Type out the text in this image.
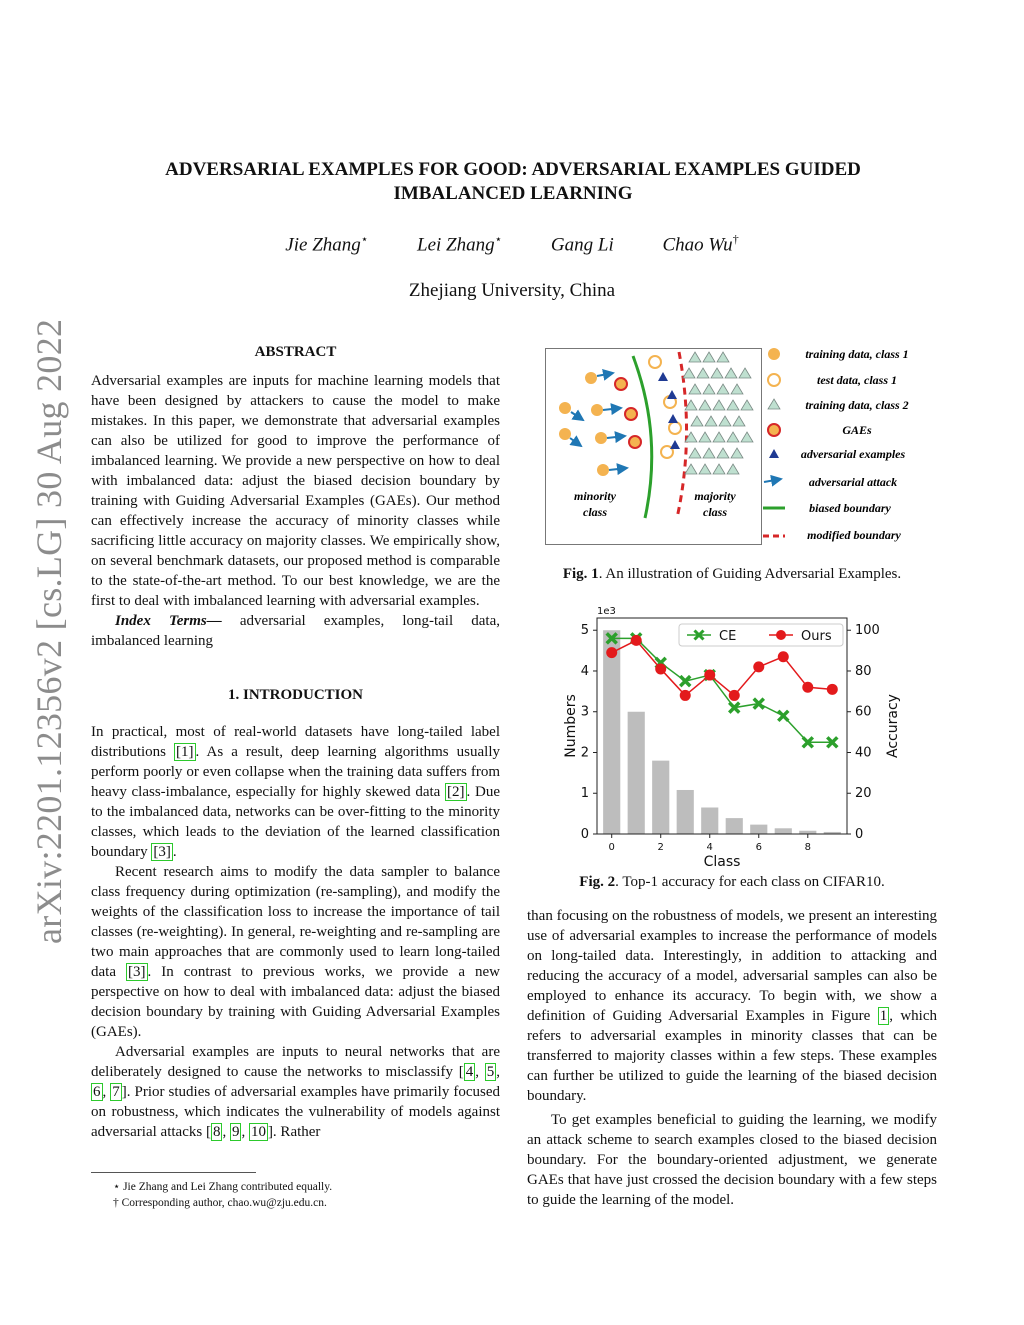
arXiv:2201.12356v2 [cs.LG] 30 Aug 2022
ADVERSARIAL EXAMPLES FOR GOOD: ADVERSARIAL EXAMPLES GUIDED
IMBALANCED LEARNING
Jie Zhang⋆	Lei Zhang⋆	Gang Li	Chao Wu†
Zhejiang University, China
ABSTRACT

Adversarial examples are inputs for machine learning models that have been designed by attackers to cause the model to make mistakes. In this paper, we demonstrate that adversarial examples can also be utilized for good to improve the performance of imbalanced learning. We provide a new perspective on how to deal with imbalanced data: adjust the biased decision boundary by training with Guiding Adversarial Examples (GAEs). Our method can effectively increase the accuracy of minority classes while sacrificing little accuracy on majority classes. We empirically show, on several benchmark datasets, our proposed method is comparable to the state-of-the-art method. To our best knowledge, we are the first to deal with imbalanced learning with adversarial examples.

Index Terms— adversarial examples, long-tail data, imbalanced learning

1. INTRODUCTION

In practical, most of real-world datasets have long-tailed label distributions [1] . As a result, deep learning algorithms usually perform poorly or even collapse when the training data suffers from heavy class-imbalance, especially for highly skewed data [2] . Due to the imbalanced data, networks can be over-fitting to the minority classes, which leads to the deviation of the learned classification boundary [3] .

Recent research aims to modify the data sampler to balance class frequency during optimization (re-sampling), and modify the weights of the classification loss to increase the importance of tail classes (re-weighting). In general, re-weighting and re-sampling are two main approaches that are commonly used to learn long-tailed data [3] . In contrast to previous works, we provide a new perspective on how to deal with imbalanced data: adjust the biased decision boundary by training with Guiding Adversarial Examples (GAEs).

Adversarial examples are inputs to neural networks that are deliberately designed to cause the networks to misclassify [ 4 , 5 , 6 , 7 ]. Prior studies of adversarial examples have primarily focused on robustness, which indicates the vulnerability of models against adversarial attacks [ 8 , 9 , 10 ]. Rather

⋆ Jie Zhang and Lei Zhang contributed equally.
† Corresponding author, chao.wu@zju.edu.cn.
minority
class
majority
class
training data, class 1
test data, class 1
training data, class 2
GAEs
adversarial examples
adversarial attack
biased boundary
modified boundary
Fig. 1. An illustration of Guiding Adversarial Examples.
0
1
2
3
4
5
1e3
0
20
40
60
80
100
0	2	4	6	8
Class
Numbers	Accuracy
CE	Ours
Fig. 2. Top-1 accuracy for each class on CIFAR10.

than focusing on the robustness of models, we present an interesting use of adversarial examples to increase the performance of models on long-tailed data. Interestingly, in addition to attacking and reducing the accuracy of a model, adversarial samples can also be employed to enhance its accuracy. To begin with, we show a definition of Guiding Adversarial Examples in Figure 1 , which refers to adversarial examples in minority classes that can be transferred to majority classes within a few steps. These examples can further be utilized to guide the learning of the biased decision boundary.

To get examples beneficial to guiding the learning, we modify an attack scheme to search examples closed to the biased decision boundary. For the boundary-oriented adjustment, we generate GAEs that have just crossed the decision boundary with a few steps to guide the learning of the model.
